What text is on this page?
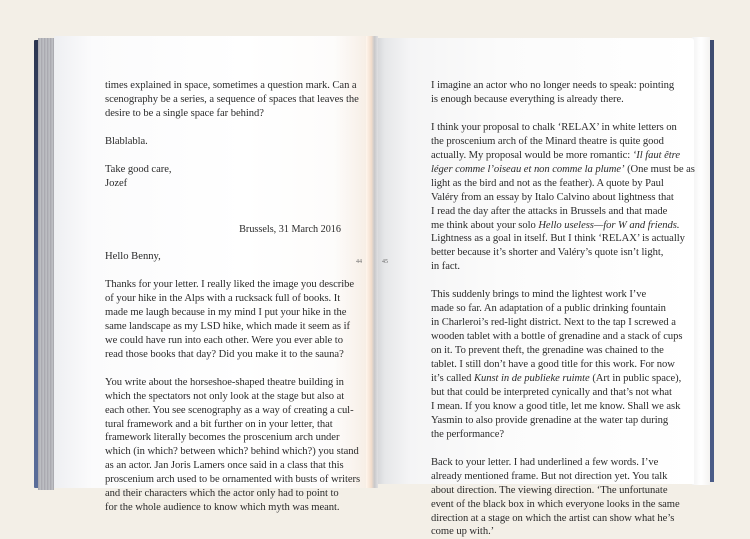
times explained in space, sometimes a question mark. Can a
scenography be a series, a sequence of spaces that leaves the
desire to be a single space far behind?

Blablabla.

Take good care,
Jozef

Brussels, 31 March 2016
Hello Benny,

Thanks for your letter. I really liked the image you describe
of your hike in the Alps with a rucksack full of books. It
made me laugh because in my mind I put your hike in the
same landscape as my LSD hike, which made it seem as if
we could have run into each other. Were you ever able to
read those books that day? Did you make it to the sauna?

You write about the horseshoe-shaped theatre building in
which the spectators not only look at the stage but also at
each other. You see scenography as a way of creating a cul-
tural framework and a bit further on in your letter, that
framework literally becomes the proscenium arch under
which (in which? between which? behind which?) you stand
as an actor. Jan Joris Lamers once said in a class that this
proscenium arch used to be ornamented with busts of writers
and their characters which the actor only had to point to
for the whole audience to know which myth was meant.

44	45

I imagine an actor who no longer needs to speak: pointing
is enough because everything is already there.

I think your proposal to chalk ‘RELAX’ in white letters on
the proscenium arch of the Minard theatre is quite good
actually. My proposal would be more romantic: ‘Il faut être
léger comme l’oiseau et non comme la plume’ (One must be as
light as the bird and not as the feather). A quote by Paul
Valéry from an essay by Italo Calvino about lightness that
I read the day after the attacks in Brussels and that made
me think about your solo Hello useless—for W and friends.
Lightness as a goal in itself. But I think ‘RELAX’ is actually
better because it’s shorter and Valéry’s quote isn’t light,
in fact.

This suddenly brings to mind the lightest work I’ve
made so far. An adaptation of a public drinking fountain
in Charleroi’s red-light district. Next to the tap I screwed a
wooden tablet with a bottle of grenadine and a stack of cups
on it. To prevent theft, the grenadine was chained to the
tablet. I still don’t have a good title for this work. For now
it’s called Kunst in de publieke ruimte (Art in public space),
but that could be interpreted cynically and that’s not what
I mean. If you know a good title, let me know. Shall we ask
Yasmin to also provide grenadine at the water tap during
the performance?

Back to your letter. I had underlined a few words. I’ve
already mentioned frame. But not direction yet. You talk
about direction. The viewing direction. ‘The unfortunate
event of the black box in which everyone looks in the same
direction at a stage on which the artist can show what he’s
come up with.’
